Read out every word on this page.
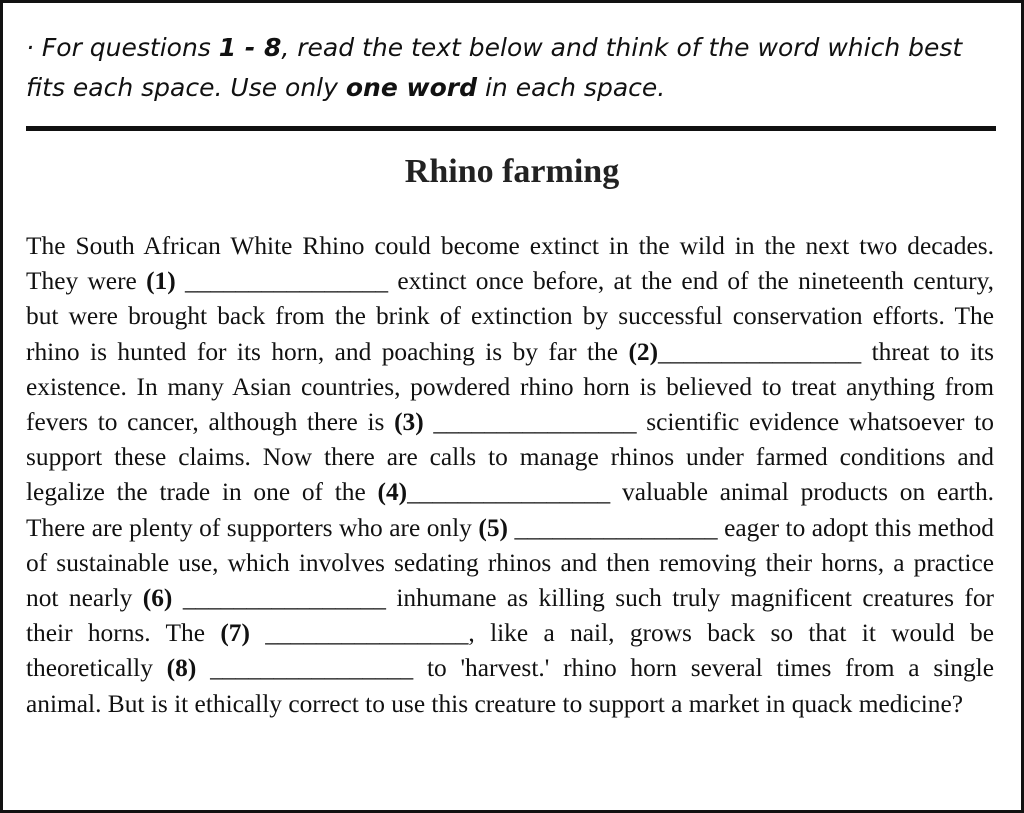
· For questions 1 - 8, read the text below and think of the word which best fits each space. Use only one word in each space.

Rhino farming

The South African White Rhino could become extinct in the wild in the next two decades. They were (1) ________________ extinct once before, at the end of the nineteenth century, but were brought back from the brink of extinction by successful conservation efforts. The rhino is hunted for its horn, and poaching is by far the (2)________________ threat to its existence. In many Asian countries, powdered rhino horn is believed to treat anything from fevers to cancer, although there is (3) ________________ scientific evidence whatsoever to support these claims. Now there are calls to manage rhinos under farmed conditions and legalize the trade in one of the (4)________________ valuable animal products on earth. There are plenty of supporters who are only (5) ________________ eager to adopt this method of sustainable use, which involves sedating rhinos and then removing their horns, a practice not nearly (6) ________________ inhumane as killing such truly magnificent creatures for their horns. The (7) ________________, like a nail, grows back so that it would be theoretically (8) ________________ to 'harvest.' rhino horn several times from a single animal. But is it ethically correct to use this creature to support a market in quack medicine?
